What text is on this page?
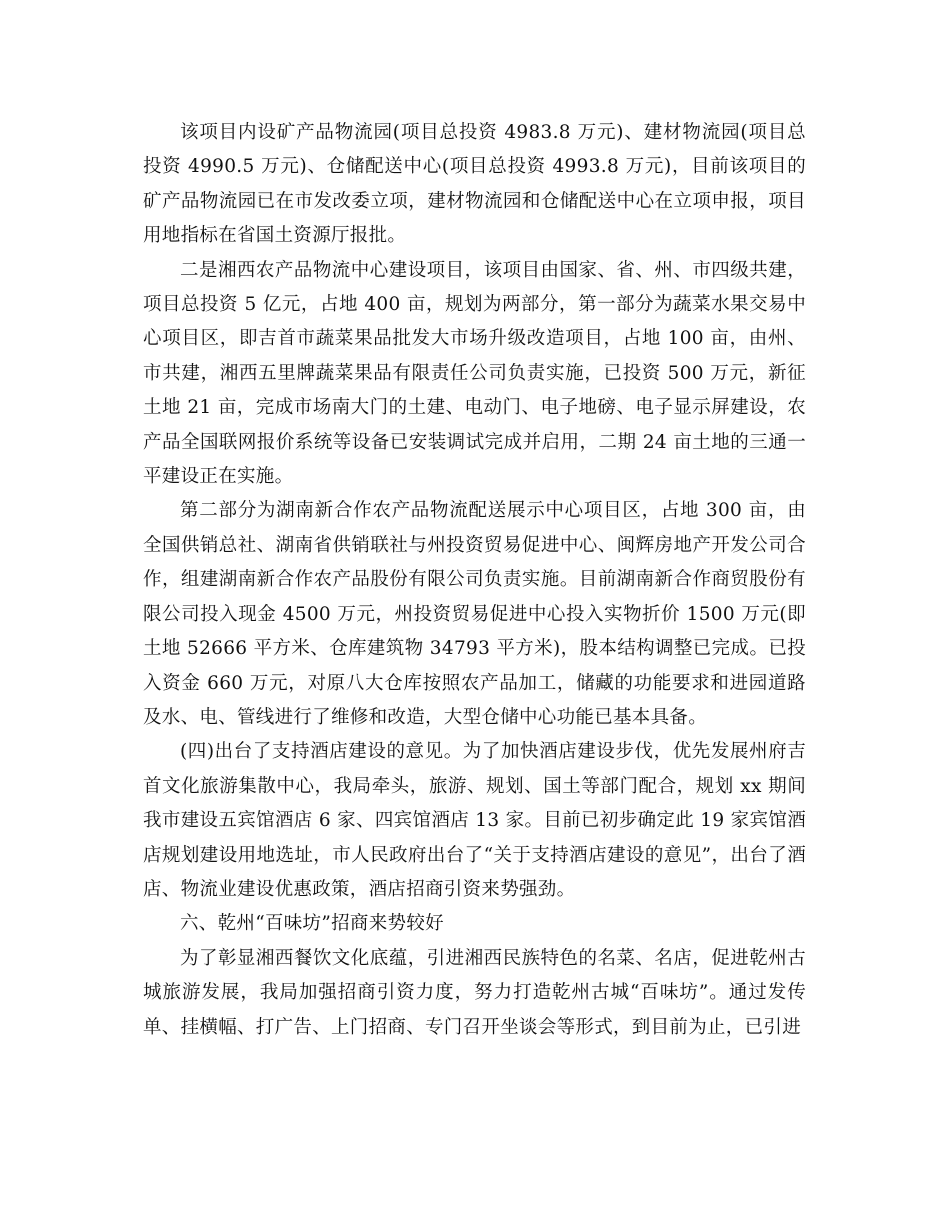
该项目内设矿产品物流园(项目总投资 4983.8 万元)、建材物流园(项目总投资 4990.5 万元)、仓储配送中心(项目总投资 4993.8 万元)，目前该项目的矿产品物流园已在市发改委立项，建材物流园和仓储配送中心在立项申报，项目用地指标在省国土资源厅报批。

二是湘西农产品物流中心建设项目，该项目由国家、省、州、市四级共建，项目总投资 5 亿元，占地 400 亩，规划为两部分，第一部分为蔬菜水果交易中心项目区，即吉首市蔬菜果品批发大市场升级改造项目，占地 100 亩，由州、市共建，湘西五里牌蔬菜果品有限责任公司负责实施，已投资 500 万元，新征土地 21 亩，完成市场南大门的土建、电动门、电子地磅、电子显示屏建设，农产品全国联网报价系统等设备已安装调试完成并启用，二期 24 亩土地的三通一平建设正在实施。

第二部分为湖南新合作农产品物流配送展示中心项目区，占地 300 亩，由全国供销总社、湖南省供销联社与州投资贸易促进中心、闽辉房地产开发公司合作，组建湖南新合作农产品股份有限公司负责实施。目前湖南新合作商贸股份有限公司投入现金 4500 万元，州投资贸易促进中心投入实物折价 1500 万元(即土地 52666 平方米、仓库建筑物 34793 平方米)，股本结构调整已完成。已投入资金 660 万元，对原八大仓库按照农产品加工，储藏的功能要求和进园道路及水、电、管线进行了维修和改造，大型仓储中心功能已基本具备。

(四)出台了支持酒店建设的意见。为了加快酒店建设步伐，优先发展州府吉首文化旅游集散中心，我局牵头，旅游、规划、国土等部门配合，规划 xx 期间我市建设五宾馆酒店 6 家、四宾馆酒店 13 家。目前已初步确定此 19 家宾馆酒店规划建设用地选址，市人民政府出台了“关于支持酒店建设的意见”，出台了酒店、物流业建设优惠政策，酒店招商引资来势强劲。

六、乾州“百味坊”招商来势较好

为了彰显湘西餐饮文化底蕴，引进湘西民族特色的名菜、名店，促进乾州古城旅游发展，我局加强招商引资力度，努力打造乾州古城“百味坊”。通过发传单、挂横幅、打广告、上门招商、专门召开坐谈会等形式，到目前为止，已引进
